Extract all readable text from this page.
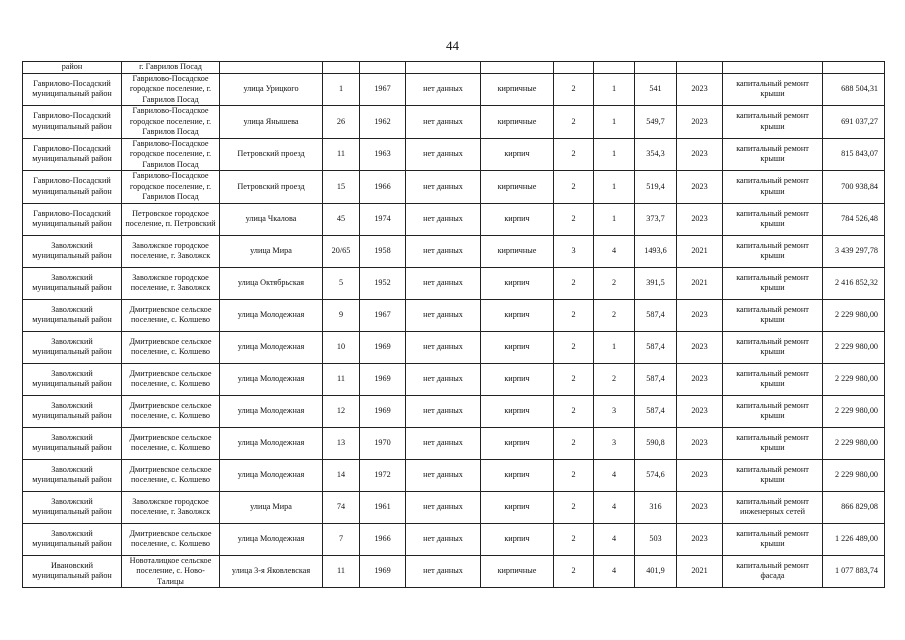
44
район	г. Гаврилов Посад											
Гаврилово-Посадский муниципальный район	Гаврилово-Посадское городское поселение, г. Гаврилов Посад	улица Урицкого	1	1967	нет данных	кирпичные	2	1	541	2023	капитальный ремонт крыши	688 504,31
Гаврилово-Посадский муниципальный район	Гаврилово-Посадское городское поселение, г. Гаврилов Посад	улица Янышева	26	1962	нет данных	кирпичные	2	1	549,7	2023	капитальный ремонт крыши	691 037,27
Гаврилово-Посадский муниципальный район	Гаврилово-Посадское городское поселение, г. Гаврилов Посад	Петровский проезд	11	1963	нет данных	кирпич	2	1	354,3	2023	капитальный ремонт крыши	815 843,07
Гаврилово-Посадский муниципальный район	Гаврилово-Посадское городское поселение, г. Гаврилов Посад	Петровский проезд	15	1966	нет данных	кирпичные	2	1	519,4	2023	капитальный ремонт крыши	700 938,84
Гаврилово-Посадский муниципальный район	Петровское городское поселение, п. Петровский	улица Чкалова	45	1974	нет данных	кирпич	2	1	373,7	2023	капитальный ремонт крыши	784 526,48
Заволжский муниципальный район	Заволжское городское поселение, г. Заволжск	улица Мира	20/65	1958	нет данных	кирпичные	3	4	1493,6	2021	капитальный ремонт крыши	3 439 297,78
Заволжский муниципальный район	Заволжское городское поселение, г. Заволжск	улица Октябрьская	5	1952	нет данных	кирпич	2	2	391,5	2021	капитальный ремонт крыши	2 416 852,32
Заволжский муниципальный район	Дмитриевское сельское поселение, с. Колшево	улица Молодежная	9	1967	нет данных	кирпич	2	2	587,4	2023	капитальный ремонт крыши	2 229 980,00
Заволжский муниципальный район	Дмитриевское сельское поселение, с. Колшево	улица Молодежная	10	1969	нет данных	кирпич	2	1	587,4	2023	капитальный ремонт крыши	2 229 980,00
Заволжский муниципальный район	Дмитриевское сельское поселение, с. Колшево	улица Молодежная	11	1969	нет данных	кирпич	2	2	587,4	2023	капитальный ремонт крыши	2 229 980,00
Заволжский муниципальный район	Дмитриевское сельское поселение, с. Колшево	улица Молодежная	12	1969	нет данных	кирпич	2	3	587,4	2023	капитальный ремонт крыши	2 229 980,00
Заволжский муниципальный район	Дмитриевское сельское поселение, с. Колшево	улица Молодежная	13	1970	нет данных	кирпич	2	3	590,8	2023	капитальный ремонт крыши	2 229 980,00
Заволжский муниципальный район	Дмитриевское сельское поселение, с. Колшево	улица Молодежная	14	1972	нет данных	кирпич	2	4	574,6	2023	капитальный ремонт крыши	2 229 980,00
Заволжский муниципальный район	Заволжское городское поселение, г. Заволжск	улица Мира	74	1961	нет данных	кирпич	2	4	316	2023	капитальный ремонт инженерных сетей	866 829,08
Заволжский муниципальный район	Дмитриевское сельское поселение, с. Колшево	улица Молодежная	7	1966	нет данных	кирпич	2	4	503	2023	капитальный ремонт крыши	1 226 489,00
Ивановский муниципальный район	Новоталицкое сельское поселение, с. Ново-Талицы	улица 3-я Яковлевская	11	1969	нет данных	кирпичные	2	4	401,9	2021	капитальный ремонт фасада	1 077 883,74
